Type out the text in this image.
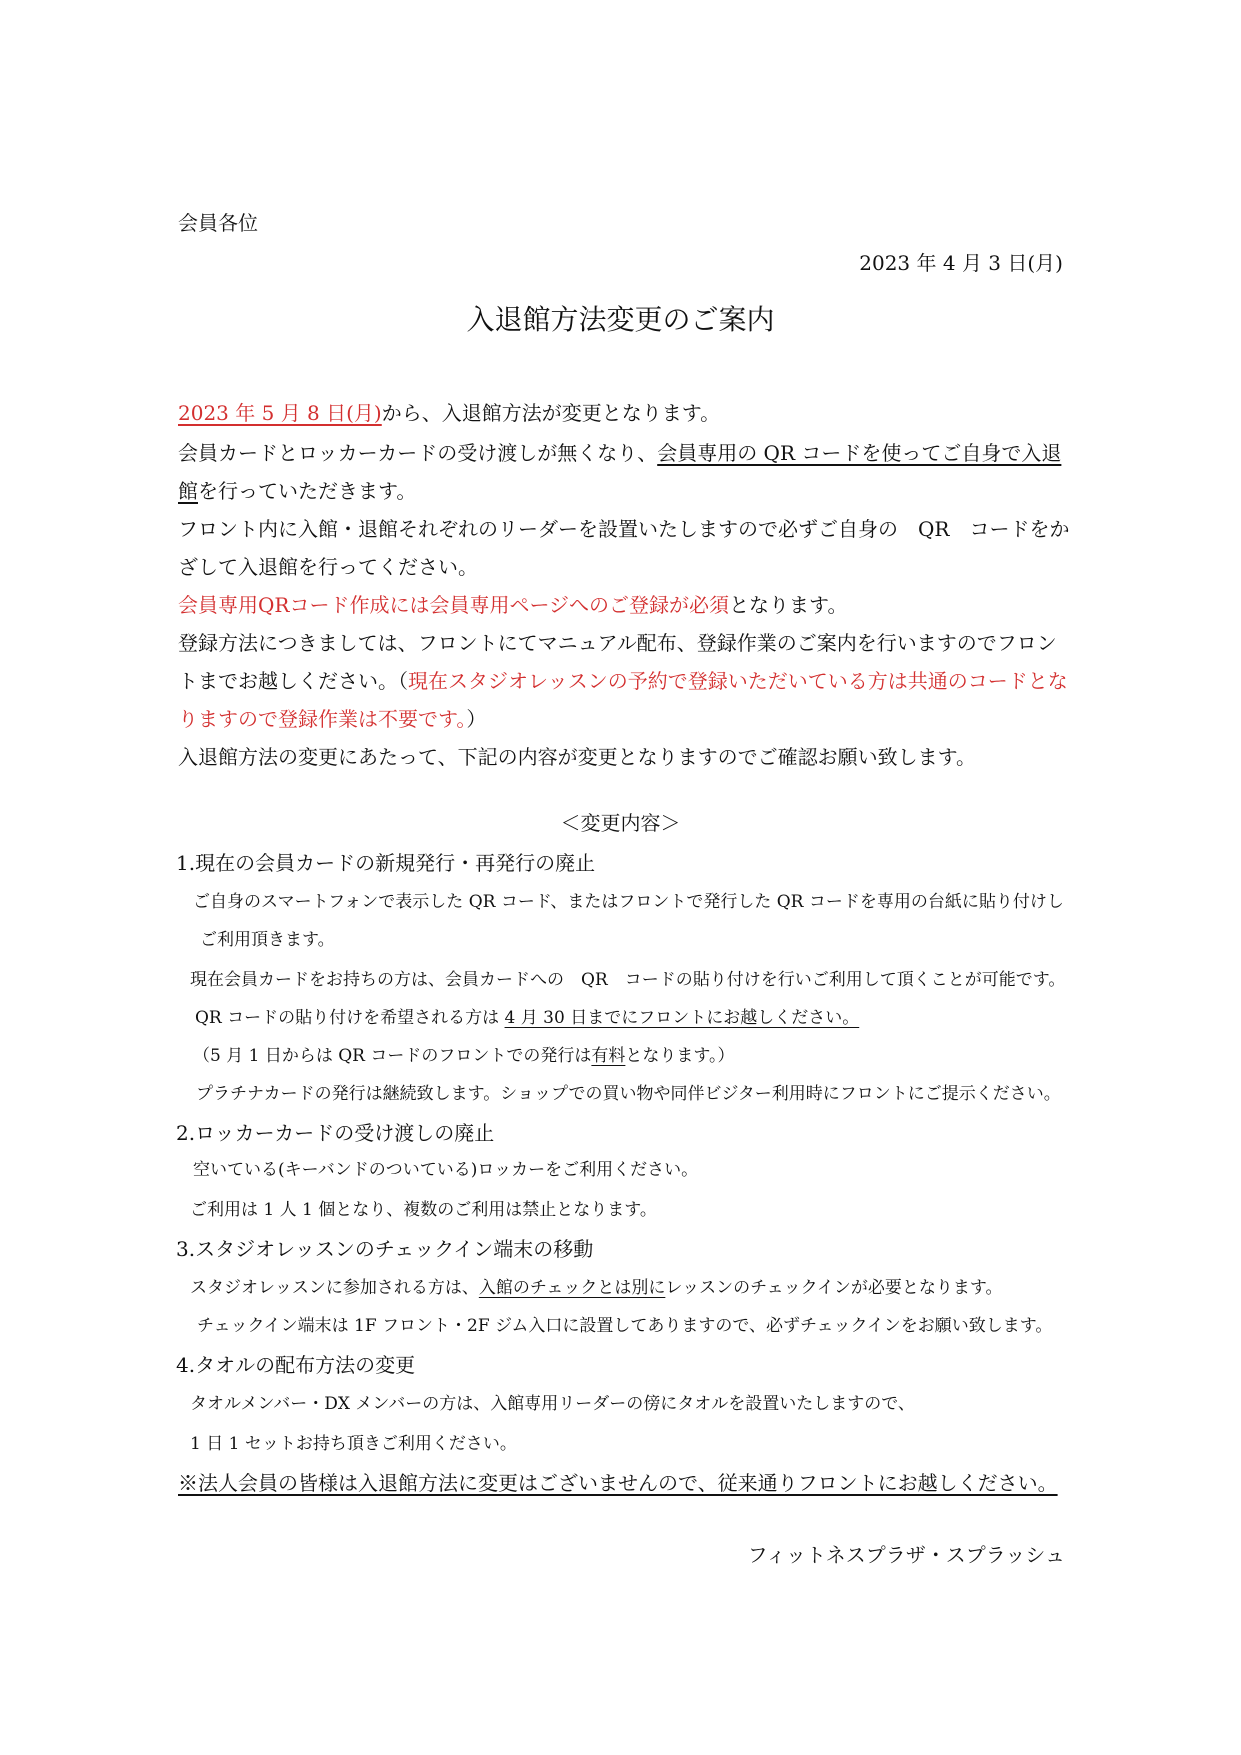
会員各位

2023 年 4 月 3 日(月)

入退館方法変更のご案内

2023 年 5 月 8 日(月)から、入退館方法が変更となります。

会員カードとロッカーカードの受け渡しが無くなり、会員専用の QR コードを使ってご自身で入退

館を行っていただきます。

フロント内に入館・退館それぞれのリーダーを設置いたしますので必ずご自身の　QR　コードをか

ざして入退館を行ってください。

会員専用QRコード作成には会員専用ページへのご登録が必須となります。

登録方法につきましては、フロントにてマニュアル配布、登録作業のご案内を行いますのでフロン

トまでお越しください。（現在スタジオレッスンの予約で登録いただいている方は共通のコードとな

りますので登録作業は不要です。）

入退館方法の変更にあたって、下記の内容が変更となりますのでご確認お願い致します。

＜変更内容＞

1.現在の会員カードの新規発行・再発行の廃止

ご自身のスマートフォンで表示した QR コード、またはフロントで発行した QR コードを専用の台紙に貼り付けし

ご利用頂きます。

現在会員カードをお持ちの方は、会員カードへの　QR　コードの貼り付けを行いご利用して頂くことが可能です。

QR コードの貼り付けを希望される方は 4 月 30 日までにフロントにお越しください。

（5 月 1 日からは QR コードのフロントでの発行は有料となります。）

プラチナカードの発行は継続致します。ショップでの買い物や同伴ビジター利用時にフロントにご提示ください。

2.ロッカーカードの受け渡しの廃止

空いている(キーバンドのついている)ロッカーをご利用ください。

ご利用は 1 人 1 個となり、複数のご利用は禁止となります。

3.スタジオレッスンのチェックイン端末の移動

スタジオレッスンに参加される方は、入館のチェックとは別にレッスンのチェックインが必要となります。

チェックイン端末は 1F フロント・2F ジム入口に設置してありますので、必ずチェックインをお願い致します。

4.タオルの配布方法の変更

タオルメンバー・DX メンバーの方は、入館専用リーダーの傍にタオルを設置いたしますので、

1 日 1 セットお持ち頂きご利用ください。

※法人会員の皆様は入退館方法に変更はございませんので、従来通りフロントにお越しください。

フィットネスプラザ・スプラッシュ
